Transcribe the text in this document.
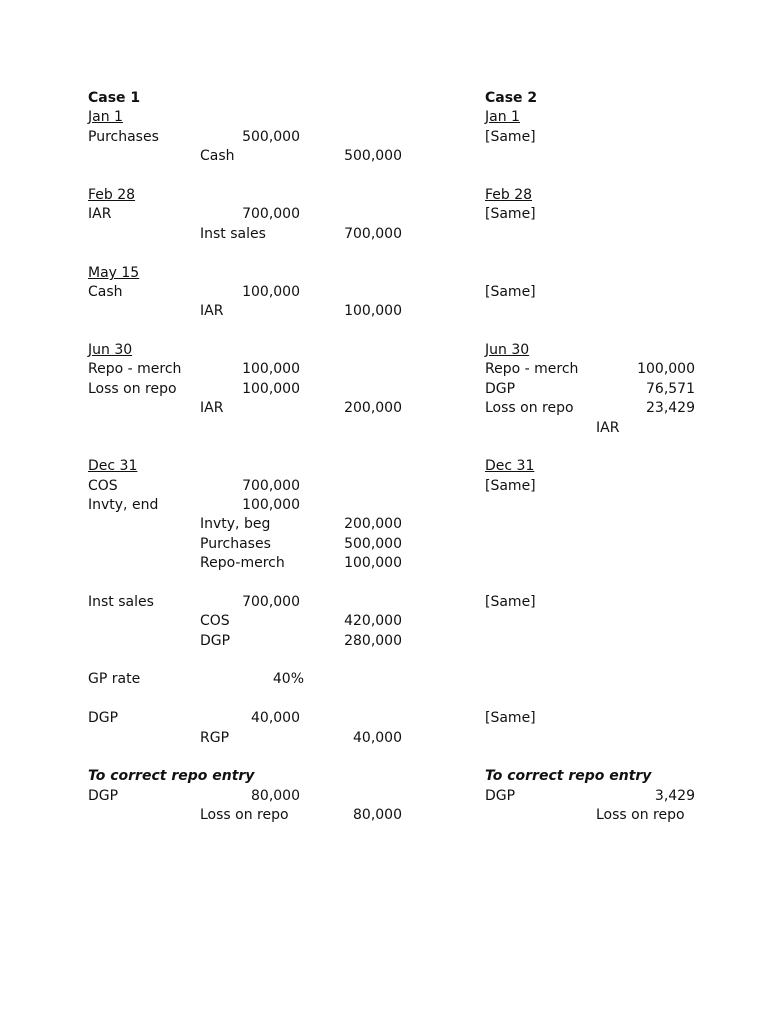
Case 1
Jan 1
Purchases	500,000
Cash	500,000
Feb 28
IAR	700,000
Inst sales	700,000
May 15
Cash	100,000
IAR	100,000
Jun 30
Repo - merch	100,000
Loss on repo	100,000
IAR	200,000
Dec 31
COS	700,000
Invty, end	100,000
Invty, beg	200,000
Purchases	500,000
Repo-merch	100,000
Inst sales	700,000
COS	420,000
DGP	280,000
GP rate	40%
DGP	40,000
RGP	40,000
To correct repo entry
DGP	80,000
Loss on repo	80,000
Case 2
Jan 1
[Same]
Feb 28
[Same]
[Same]
Jun 30
Repo - merch	100,000
DGP	76,571
Loss on repo	23,429
IAR
Dec 31
[Same]
[Same]
[Same]
To correct repo entry
DGP	3,429
Loss on repo
